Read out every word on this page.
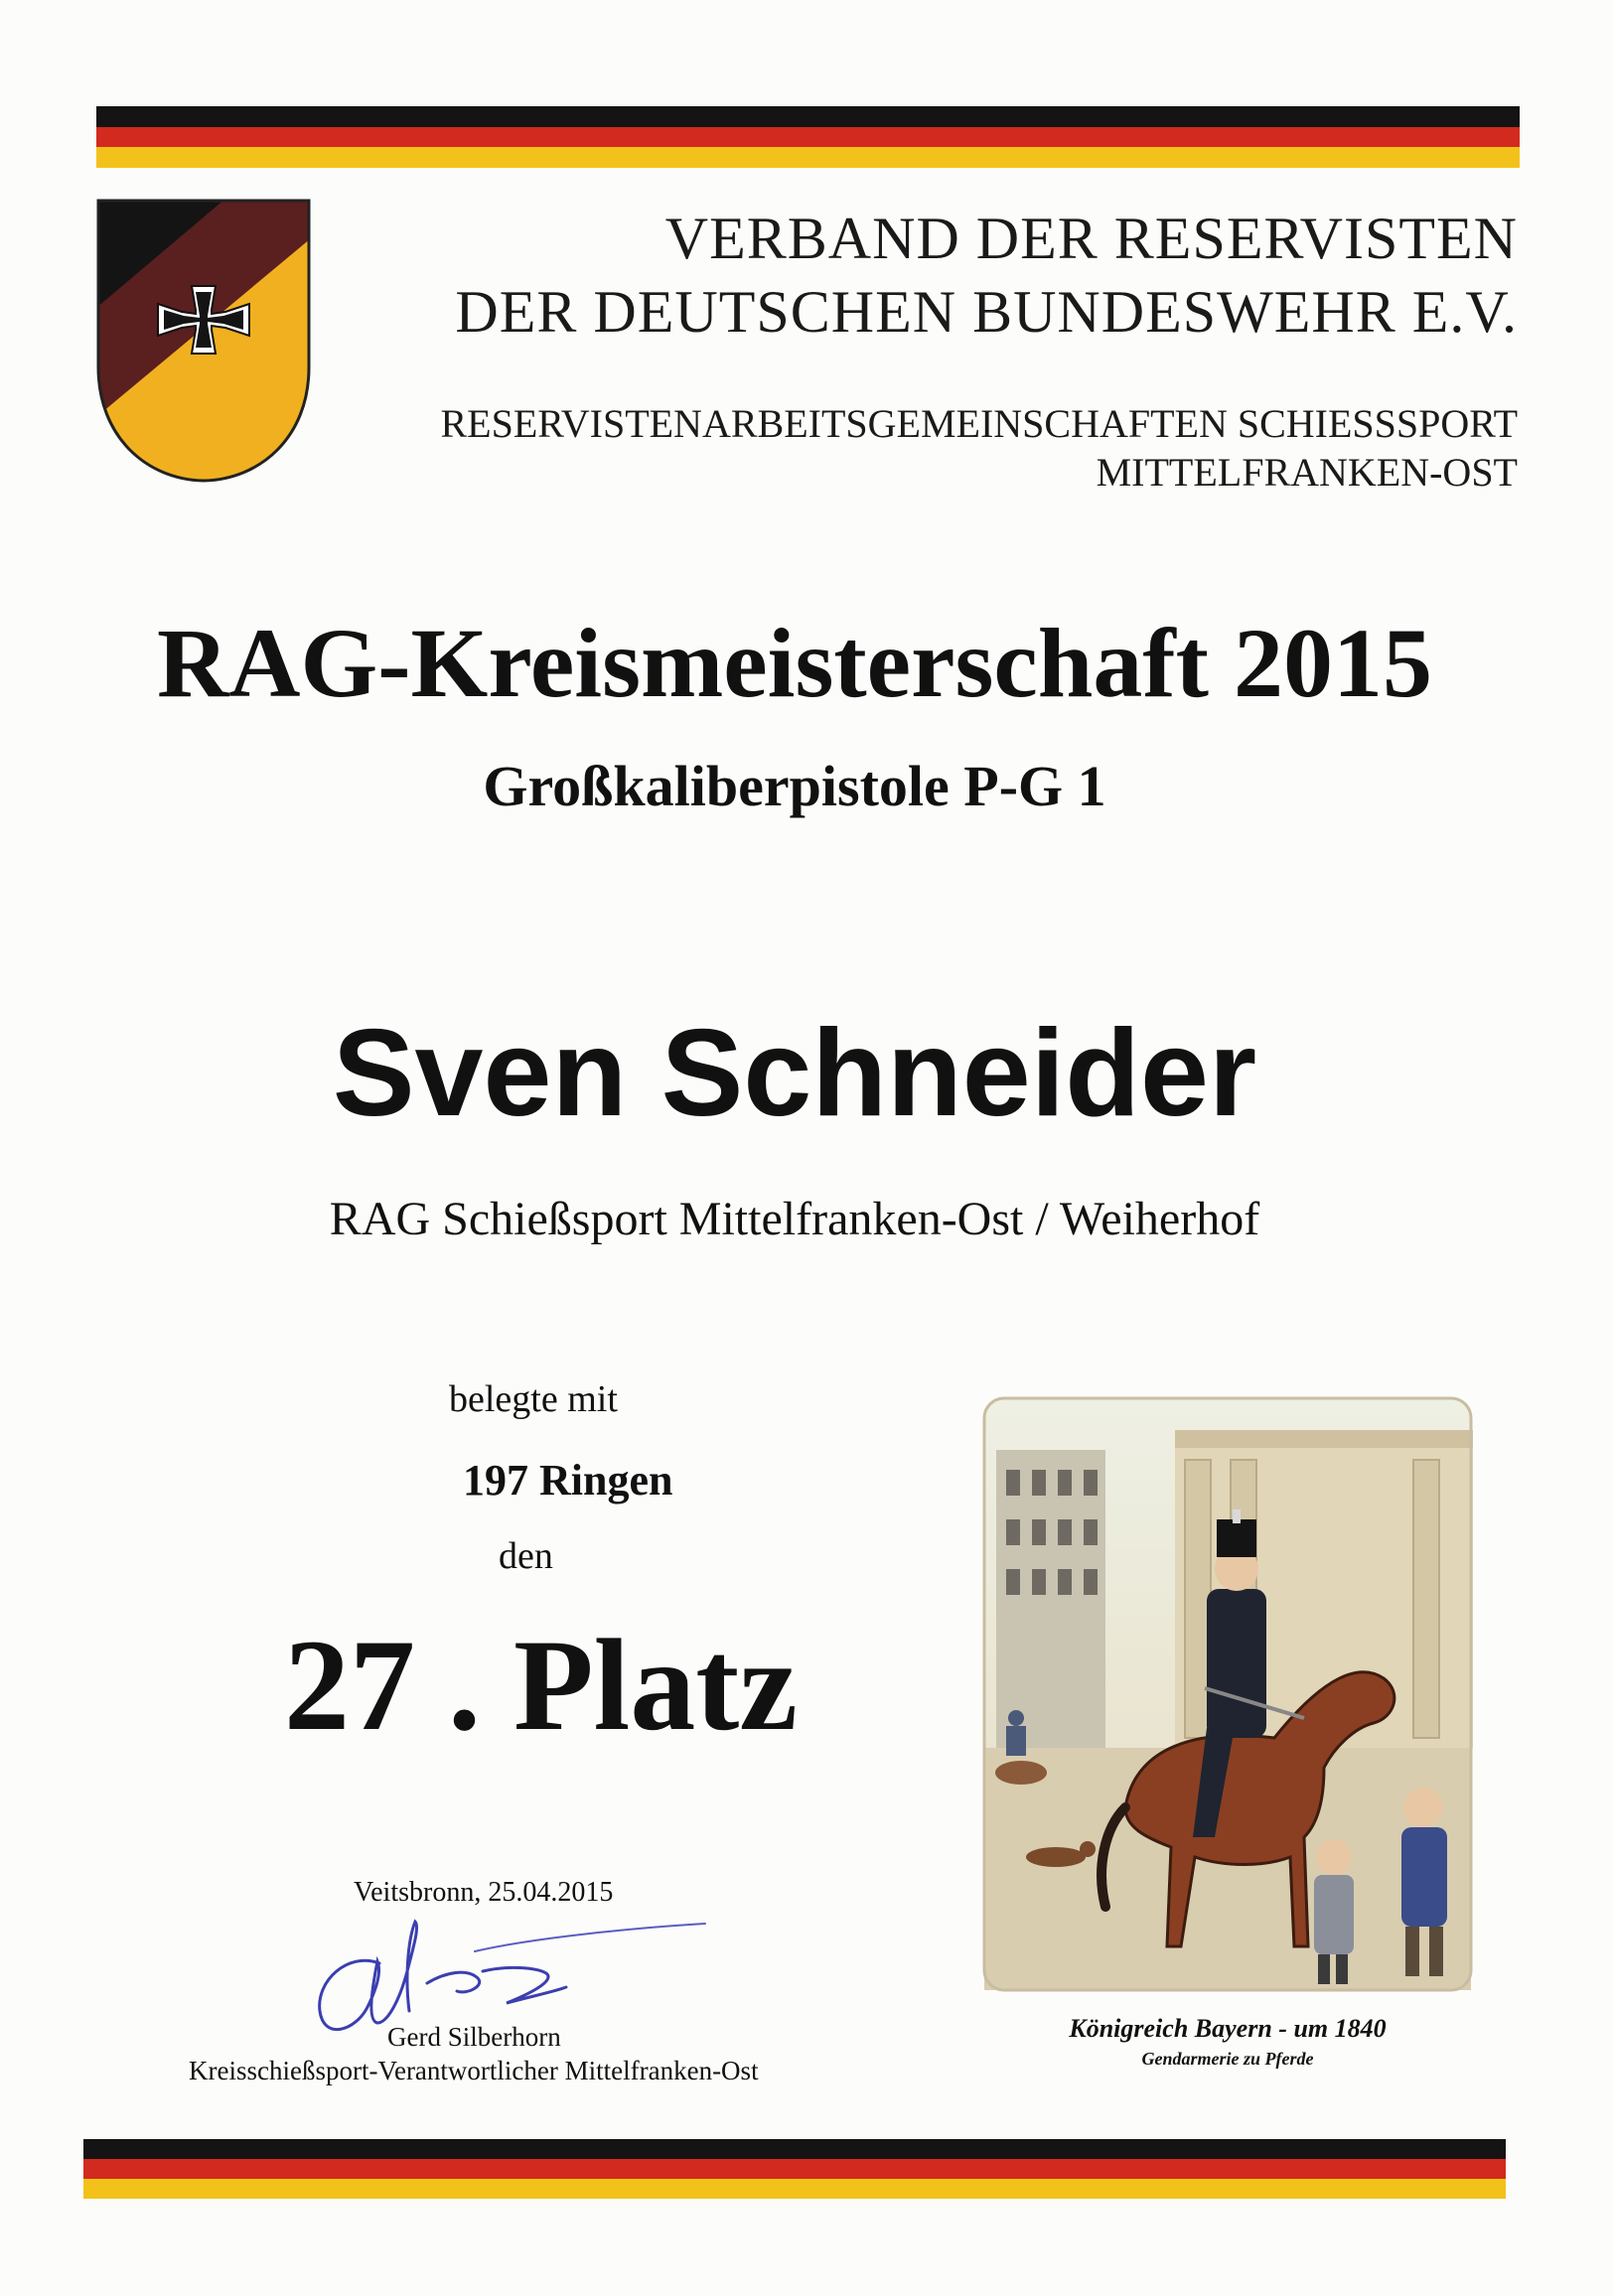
VERBAND DER RESERVISTEN
DER DEUTSCHEN BUNDESWEHR E.V.
RESERVISTENARBEITSGEMEINSCHAFTEN SCHIESSSPORT
MITTELFRANKEN-OST
RAG-Kreismeisterschaft 2015
Großkaliberpistole P-G 1
Sven Schneider
RAG Schießsport Mittelfranken-Ost / Weiherhof
belegte mit
197 Ringen
den
27 . Platz
Veitsbronn, 25.04.2015
Gerd Silberhorn
Kreisschießsport-Verantwortlicher Mittelfranken-Ost
Königreich Bayern - um 1840
Gendarmerie zu Pferde
